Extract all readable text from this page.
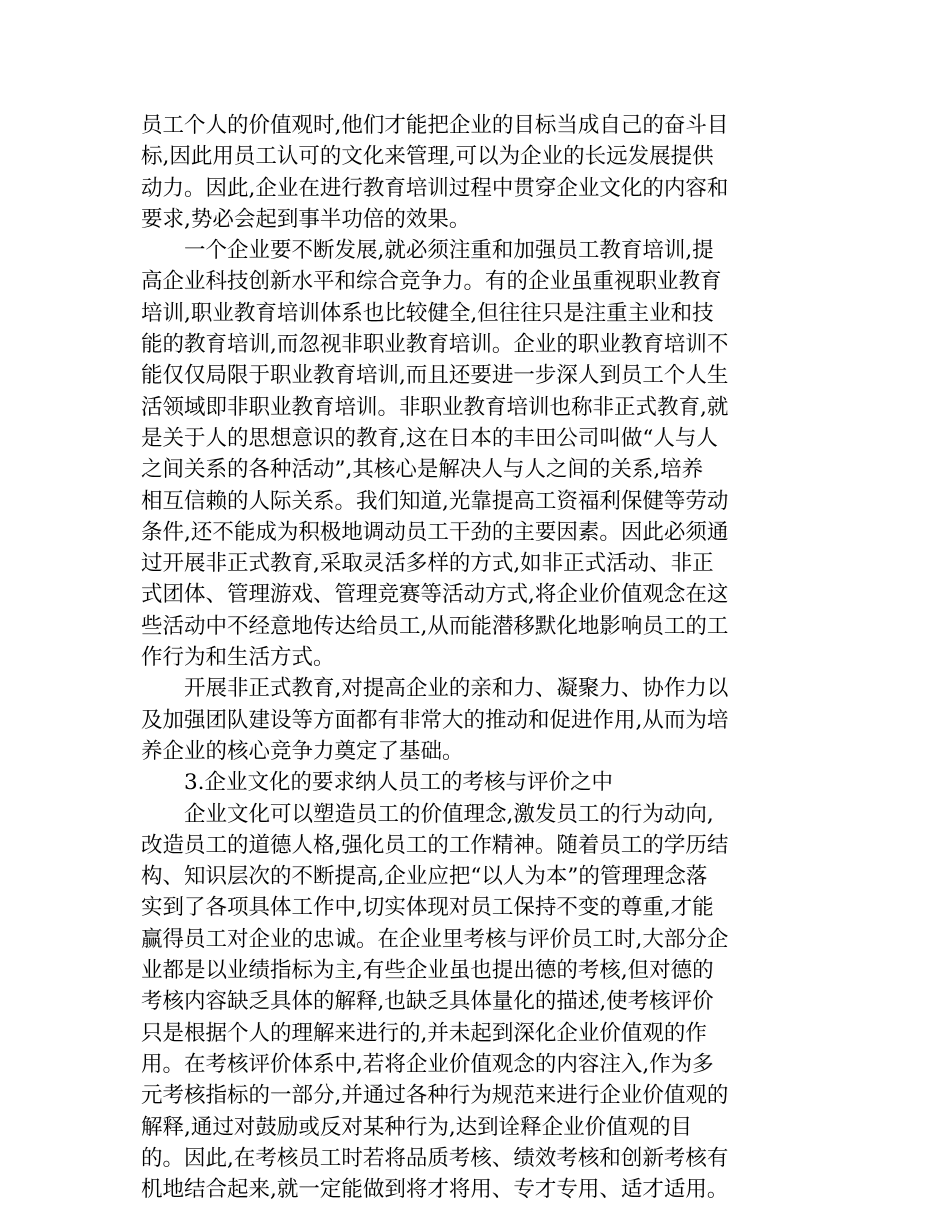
员工个人的价值观时,他们才能把企业的目标当成自己的奋斗目
标,因此用员工认可的文化来管理,可以为企业的长远发展提供
动力。因此,企业在进行教育培训过程中贯穿企业文化的内容和
要求,势必会起到事半功倍的效果。
一个企业要不断发展,就必须注重和加强员工教育培训,提
高企业科技创新水平和综合竞争力。有的企业虽重视职业教育
培训,职业教育培训体系也比较健全,但往往只是注重主业和技
能的教育培训,而忽视非职业教育培训。企业的职业教育培训不
能仅仅局限于职业教育培训,而且还要进一步深人到员工个人生
活领域即非职业教育培训。非职业教育培训也称非正式教育,就
是关于人的思想意识的教育,这在日本的丰田公司叫做“人与人
之间关系的各种活动”,其核心是解决人与人之间的关系,培养
相互信赖的人际关系。我们知道,光靠提高工资福利保健等劳动
条件,还不能成为积极地调动员工干劲的主要因素。因此必须通
过开展非正式教育,采取灵活多样的方式,如非正式活动、非正
式团体、管理游戏、管理竞赛等活动方式,将企业价值观念在这
些活动中不经意地传达给员工,从而能潜移默化地影响员工的工
作行为和生活方式。
开展非正式教育,对提高企业的亲和力、凝聚力、协作力以
及加强团队建设等方面都有非常大的推动和促进作用,从而为培
养企业的核心竞争力奠定了基础。
3.企业文化的要求纳人员工的考核与评价之中
企业文化可以塑造员工的价值理念,激发员工的行为动向,
改造员工的道德人格,强化员工的工作精神。随着员工的学历结
构、知识层次的不断提高,企业应把“以人为本”的管理理念落
实到了各项具体工作中,切实体现对员工保持不变的尊重,才能
赢得员工对企业的忠诚。在企业里考核与评价员工时,大部分企
业都是以业绩指标为主,有些企业虽也提出德的考核,但对德的
考核内容缺乏具体的解释,也缺乏具体量化的描述,使考核评价
只是根据个人的理解来进行的,并未起到深化企业价值观的作
用。在考核评价体系中,若将企业价值观念的内容注入,作为多
元考核指标的一部分,并通过各种行为规范来进行企业价值观的
解释,通过对鼓励或反对某种行为,达到诠释企业价值观的目
的。因此,在考核员工时若将品质考核、绩效考核和创新考核有
机地结合起来,就一定能做到将才将用、专才专用、适才适用。
